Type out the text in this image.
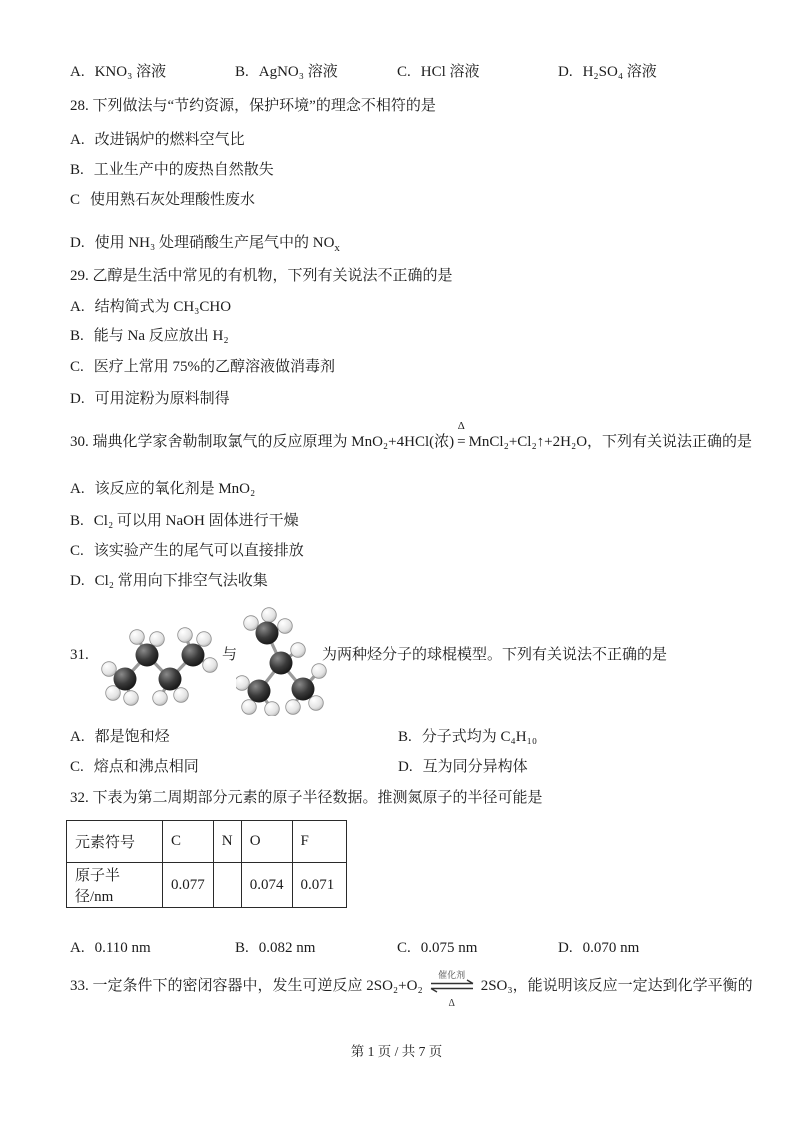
A. KNO₃ 溶液	B. AgNO₃ 溶液	C. HCl 溶液	D. H₂SO₄ 溶液
28. 下列做法与“节约资源，保护环境”的理念不相符的是
A. 改进锅炉的燃料空气比
B. 工业生产中的废热自然散失
C 使用熟石灰处理酸性废水
D. 使用 NH₃ 处理硝酸生产尾气中的 $NO_x$
29. 乙醇是生活中常见的有机物，下列有关说法不正确的是
A. 结构简式为 CH₃CHO
B. 能与 Na 反应放出 H₂
C. 医疗上常用 75%的乙醇溶液做消毒剂
D. 可用淀粉为原料制得
30. 瑞典化学家舍勒制取氯气的反应原理为 MnO₂+4HCl(浓)
Δ
= MnCl₂+Cl₂↑+2H₂O，下列有关说法正确的是
A. 该反应的氧化剂是 MnO₂
B. Cl₂ 可以用 NaOH 固体进行干燥
C. 该实验产生的尾气可以直接排放
D. Cl₂ 常用向下排空气法收集
31.	与	为两种烃分子的球棍模型。下列有关说法不正确的是
A. 都是饱和烃	B. 分子式均为 C₄H₁₀
C. 熔点和沸点相同	D. 互为同分异构体
32. 下表为第二周期部分元素的原子半径数据。推测氮原子的半径可能是
元素符号	C	N	O	F
原子半径/nm	0.077		0.074	0.071
A. 0.110 nm	B. 0.082 nm	C. 0.075 nm	D. 0.070 nm
33. 一定条件下的密闭容器中，发生可逆反应 2SO₂+O₂
催化剂
Δ
2SO₃，能说明该反应一定达到化学平衡的
第 1 页 / 共 7 页
